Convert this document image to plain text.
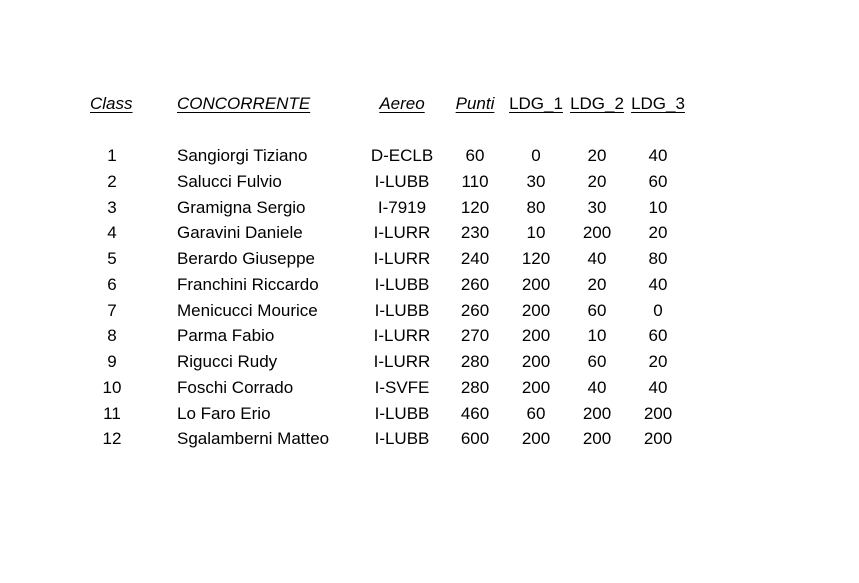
Class	CONCORRENTE	Aereo	Punti LDG_1 LDG_2 LDG_3
1	Sangiorgi Tiziano	D-ECLB	60	0	20	40
2	Salucci Fulvio	I-LUBB	110	30	20	60
3	Gramigna Sergio	I-7919	120	80	30	10
4	Garavini Daniele	I-LURR	230	10	200	20
5	Berardo Giuseppe	I-LURR	240	120	40	80
6	Franchini Riccardo	I-LUBB	260	200	20	40
7	Menicucci Mourice	I-LUBB	260	200	60	0
8	Parma Fabio	I-LURR	270	200	10	60
9	Rigucci Rudy	I-LURR	280	200	60	20
10	Foschi Corrado	I-SVFE	280	200	40	40
11	Lo Faro Erio	I-LUBB	460	60	200	200
12	Sgalamberni Matteo	I-LUBB	600	200	200	200
